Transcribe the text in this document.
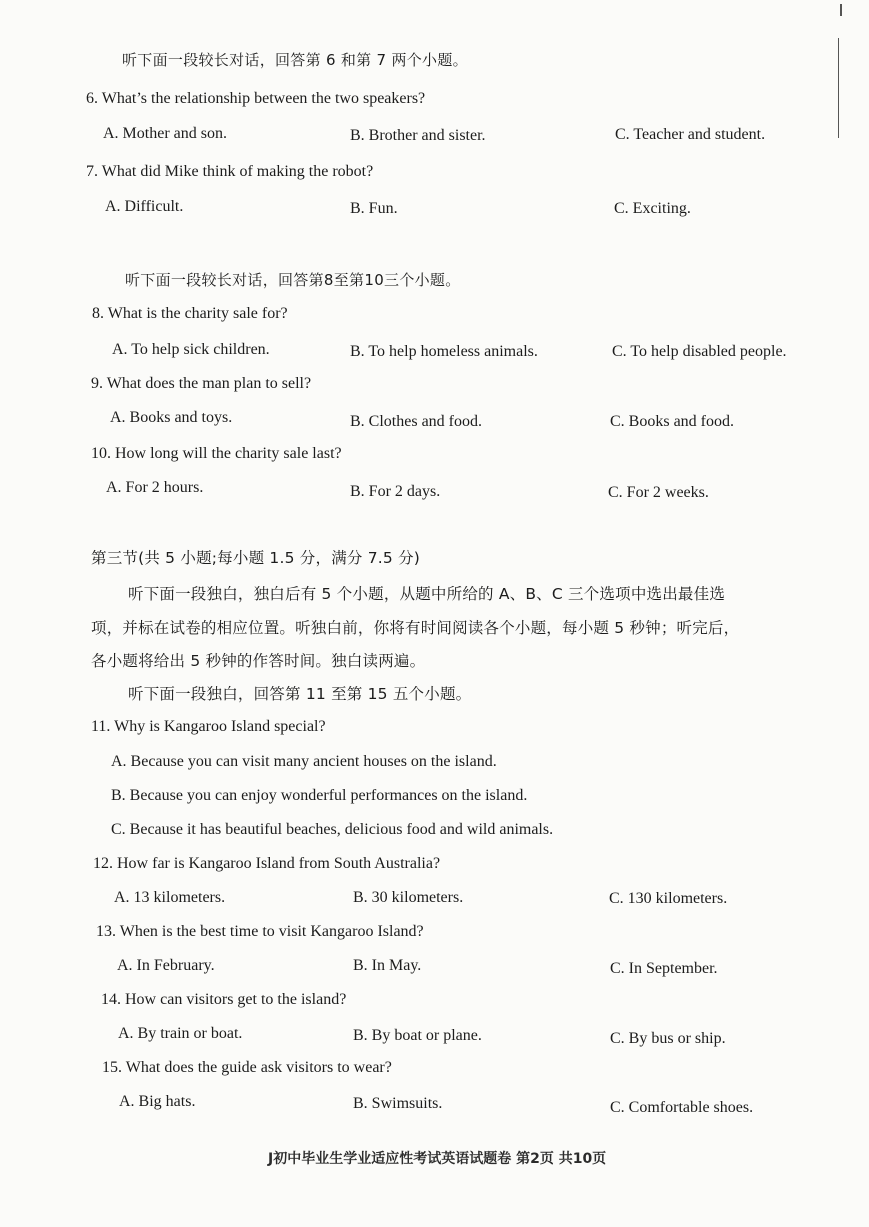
听下面一段较长对话，回答第 6 和第 7 两个小题。
6. What’s the relationship between the two speakers?
A. Mother and son.	B. Brother and sister.	C. Teacher and student.
7. What did Mike think of making the robot?
A. Difficult.	B. Fun.	C. Exciting.
听下面一段较长对话，回答第8至第10三个小题。
8. What is the charity sale for?
A. To help sick children.	B. To help homeless animals.	C. To help disabled people.
9. What does the man plan to sell?
A. Books and toys.	B. Clothes and food.	C. Books and food.
10. How long will the charity sale last?
A. For 2 hours.	B. For 2 days.	C. For 2 weeks.
第三节(共 5 小题;每小题 1.5 分，满分 7.5 分)
听下面一段独白，独白后有 5 个小题，从题中所给的 A、B、C 三个选项中选出最佳选
项，并标在试卷的相应位置。听独白前，你将有时间阅读各个小题，每小题 5 秒钟；听完后，
各小题将给出 5 秒钟的作答时间。独白读两遍。
听下面一段独白，回答第 11 至第 15 五个小题。
11. Why is Kangaroo Island special?
A. Because you can visit many ancient houses on the island.
B. Because you can enjoy wonderful performances on the island.
C. Because it has beautiful beaches, delicious food and wild animals.
12. How far is Kangaroo Island from South Australia?
A. 13 kilometers.	B. 30 kilometers.	C. 130 kilometers.
13. When is the best time to visit Kangaroo Island?
A. In February.	B. In May.	C. In September.
14. How can visitors get to the island?
A. By train or boat.	B. By boat or plane.	C. By bus or ship.
15. What does the guide ask visitors to wear?
A. Big hats.	B. Swimsuits.	C. Comfortable shoes.
J初中毕业生学业适应性考试英语试题卷 第2页 共10页
